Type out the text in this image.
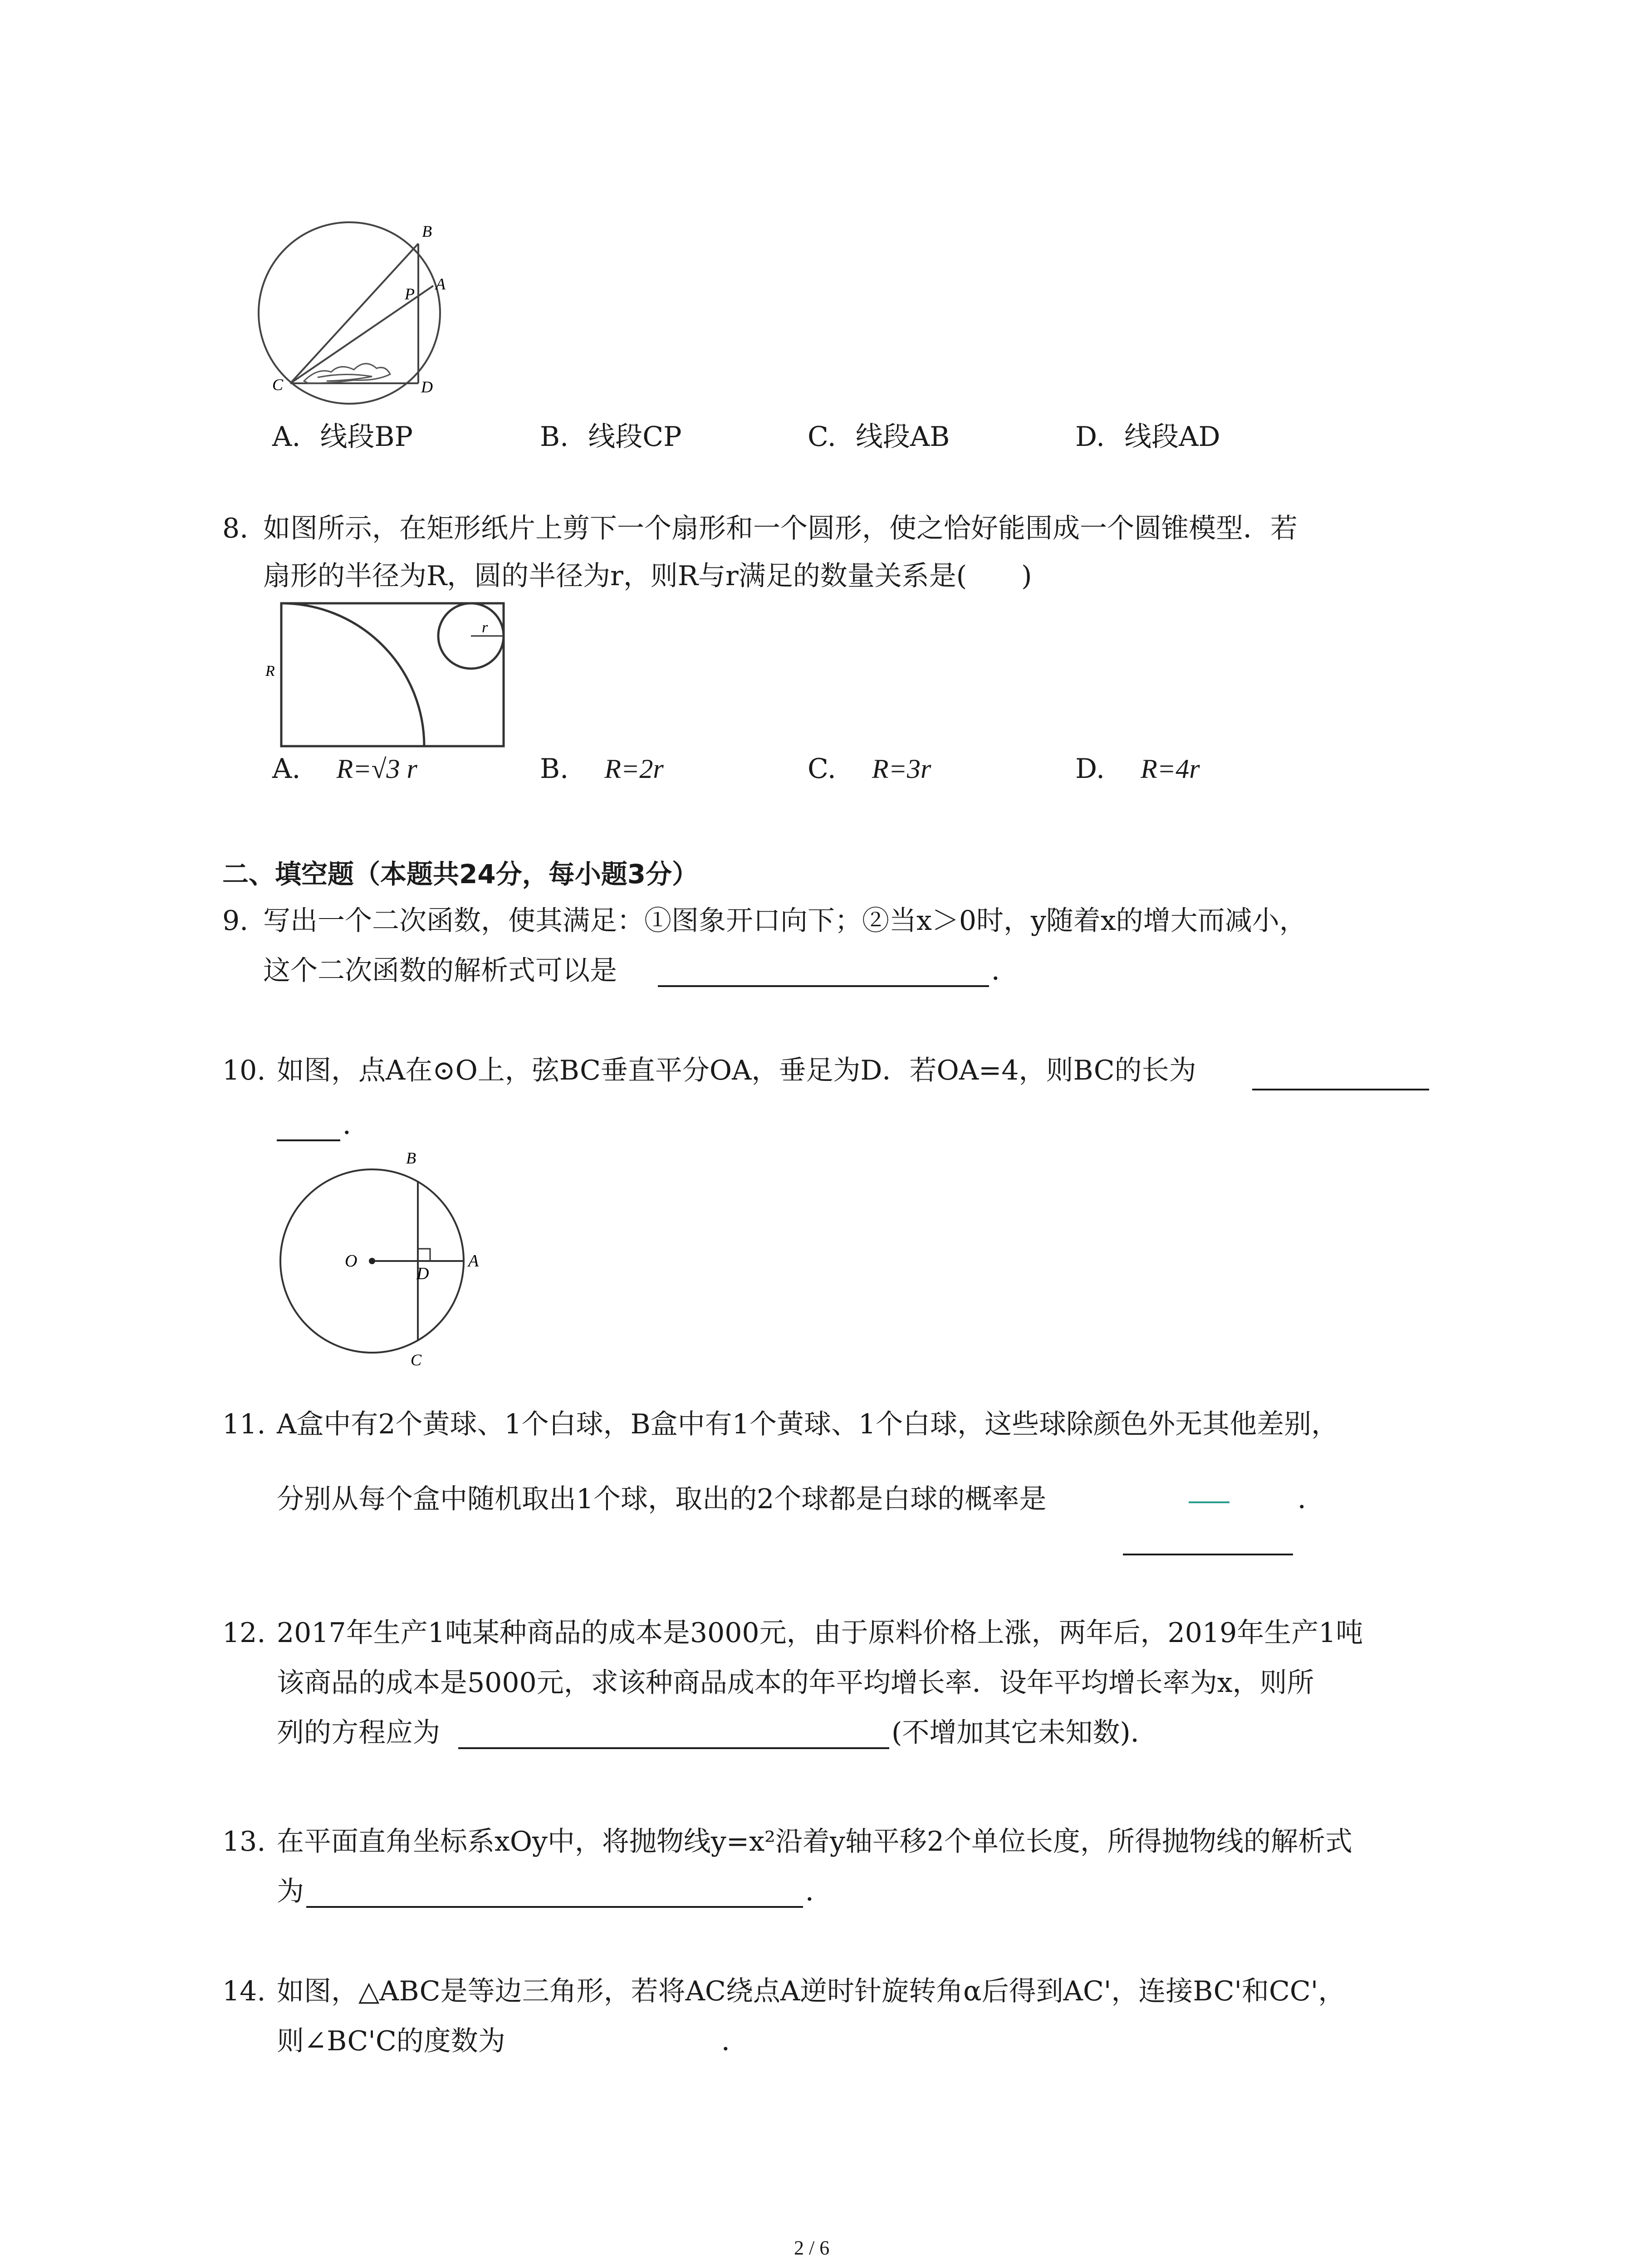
B
A
P
C	D
A. 线段BP	B. 线段CP	C. 线段AB	D. 线段AD
8. 如图所示，在矩形纸片上剪下一个扇形和一个圆形，使之恰好能围成一个圆锥模型．若
扇形的半径为R，圆的半径为r，则R与r满足的数量关系是(　　)
R
r
A. R=√3 r	B. R=2r	C. R=3r	D. R=4r
二、填空题（本题共24分，每小题3分）
9. 写出一个二次函数，使其满足：①图象开口向下；②当x＞0时，y随着x的增大而减小，
这个二次函数的解析式可以是	．
10. 如图，点A在⊙O上，弦BC垂直平分OA，垂足为D．若OA=4，则BC的长为
．
B
O
D
A
C
11. A盒中有2个黄球、1个白球，B盒中有1个黄球、1个白球，这些球除颜色外无其他差别，
分别从每个盒中随机取出1个球，取出的2个球都是白球的概率是	．
12. 2017年生产1吨某种商品的成本是3000元，由于原料价格上涨，两年后，2019年生产1吨
该商品的成本是5000元，求该种商品成本的年平均增长率．设年平均增长率为x，则所
列的方程应为	(不增加其它未知数)．
13. 在平面直角坐标系xOy中，将抛物线y=x²沿着y轴平移2个单位长度，所得抛物线的解析式
为	．
14. 如图，△ABC是等边三角形，若将AC绕点A逆时针旋转角α后得到AC'，连接BC'和CC'，
则∠BC'C的度数为	．
2 / 6
